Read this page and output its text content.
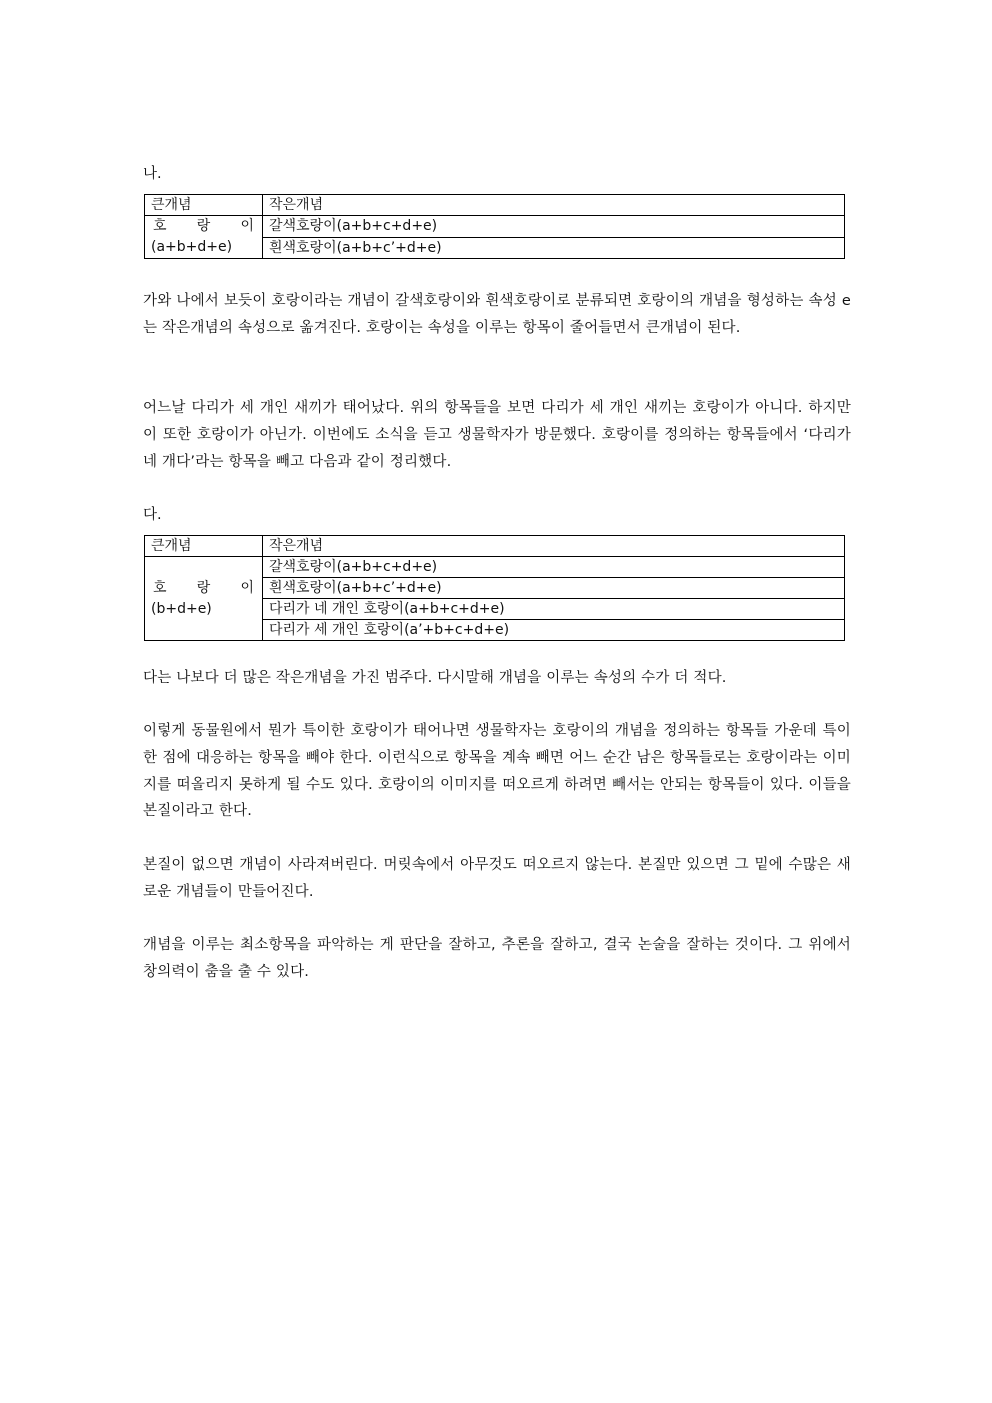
나.
큰개념	작은개념

호 랑 이
(a+b+d+e)	갈색호랑이(a+b+c+d+e)
	흰색호랑이(a+b+c’+d+e)

가와 나에서 보듯이 호랑이라는 개념이 갈색호랑이와 흰색호랑이로 분류되면 호랑이의 개념을 형성하는 속성 e는 작은개념의 속성으로 옮겨진다. 호랑이는 속성을 이루는 항목이 줄어들면서 큰개념이 된다.

어느날 다리가 세 개인 새끼가 태어났다. 위의 항목들을 보면 다리가 세 개인 새끼는 호랑이가 아니다. 하지만 이 또한 호랑이가 아닌가. 이번에도 소식을 듣고 생물학자가 방문했다. 호랑이를 정의하는 항목들에서 ‘다리가 네 개다’라는 항목을 빼고 다음과 같이 정리했다.

다.
큰개념	작은개념

호 랑 이
(b+d+e)	갈색호랑이(a+b+c+d+e)
	흰색호랑이(a+b+c’+d+e)
	다리가 네 개인 호랑이(a+b+c+d+e)
	다리가 세 개인 호랑이(a’+b+c+d+e)

다는 나보다 더 많은 작은개념을 가진 범주다. 다시말해 개념을 이루는 속성의 수가 더 적다.

이렇게 동물원에서 뭔가 특이한 호랑이가 태어나면 생물학자는 호랑이의 개념을 정의하는 항목들 가운데 특이한 점에 대응하는 항목을 빼야 한다. 이런식으로 항목을 계속 빼면 어느 순간 남은 항목들로는 호랑이라는 이미지를 떠올리지 못하게 될 수도 있다. 호랑이의 이미지를 떠오르게 하려면 빼서는 안되는 항목들이 있다. 이들을 본질이라고 한다.

본질이 없으면 개념이 사라져버린다. 머릿속에서 아무것도 떠오르지 않는다. 본질만 있으면 그 밑에 수많은 새로운 개념들이 만들어진다.

개념을 이루는 최소항목을 파악하는 게 판단을 잘하고, 추론을 잘하고, 결국 논술을 잘하는 것이다. 그 위에서 창의력이 춤을 출 수 있다.
